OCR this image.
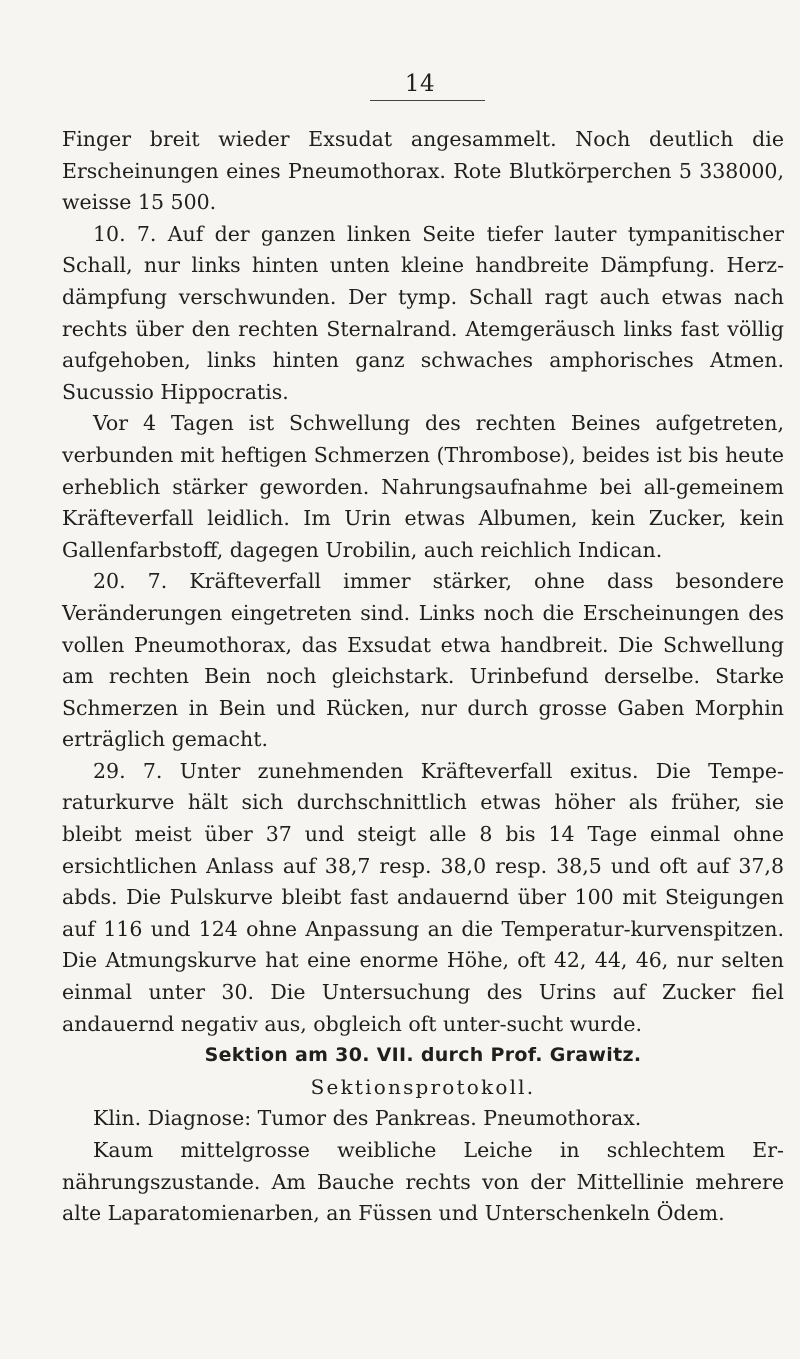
14

Finger breit wieder Exsudat angesammelt. Noch deutlich die Erscheinungen eines Pneumothorax. Rote Blutkörperchen 5 338000, weisse 15 500.

10. 7. Auf der ganzen linken Seite tiefer lauter tympanitischer Schall, nur links hinten unten kleine handbreite Dämpfung. Herz-dämpfung verschwunden. Der tymp. Schall ragt auch etwas nach rechts über den rechten Sternalrand. Atemgeräusch links fast völlig aufgehoben, links hinten ganz schwaches amphorisches Atmen. Sucussio Hippocratis.

Vor 4 Tagen ist Schwellung des rechten Beines aufgetreten, verbunden mit heftigen Schmerzen (Thrombose), beides ist bis heute erheblich stärker geworden. Nahrungsaufnahme bei all-gemeinem Kräfteverfall leidlich. Im Urin etwas Albumen, kein Zucker, kein Gallenfarbstoff, dagegen Urobilin, auch reichlich Indican.

20. 7. Kräfteverfall immer stärker, ohne dass besondere Veränderungen eingetreten sind. Links noch die Erscheinungen des vollen Pneumothorax, das Exsudat etwa handbreit. Die Schwellung am rechten Bein noch gleichstark. Urinbefund derselbe. Starke Schmerzen in Bein und Rücken, nur durch grosse Gaben Morphin erträglich gemacht.

29. 7. Unter zunehmenden Kräfteverfall exitus. Die Tempe-raturkurve hält sich durchschnittlich etwas höher als früher, sie bleibt meist über 37 und steigt alle 8 bis 14 Tage einmal ohne ersichtlichen Anlass auf 38,7 resp. 38,0 resp. 38,5 und oft auf 37,8 abds. Die Pulskurve bleibt fast andauernd über 100 mit Steigungen auf 116 und 124 ohne Anpassung an die Temperatur-kurvenspitzen. Die Atmungskurve hat eine enorme Höhe, oft 42, 44, 46, nur selten einmal unter 30. Die Untersuchung des Urins auf Zucker fiel andauernd negativ aus, obgleich oft unter-sucht wurde.

Sektion am 30. VII. durch Prof. Grawitz.

Sektionsprotokoll.

Klin. Diagnose: Tumor des Pankreas. Pneumothorax.

Kaum mittelgrosse weibliche Leiche in schlechtem Er-nährungszustande. Am Bauche rechts von der Mittellinie mehrere alte Laparatomienarben, an Füssen und Unterschenkeln Ödem.
